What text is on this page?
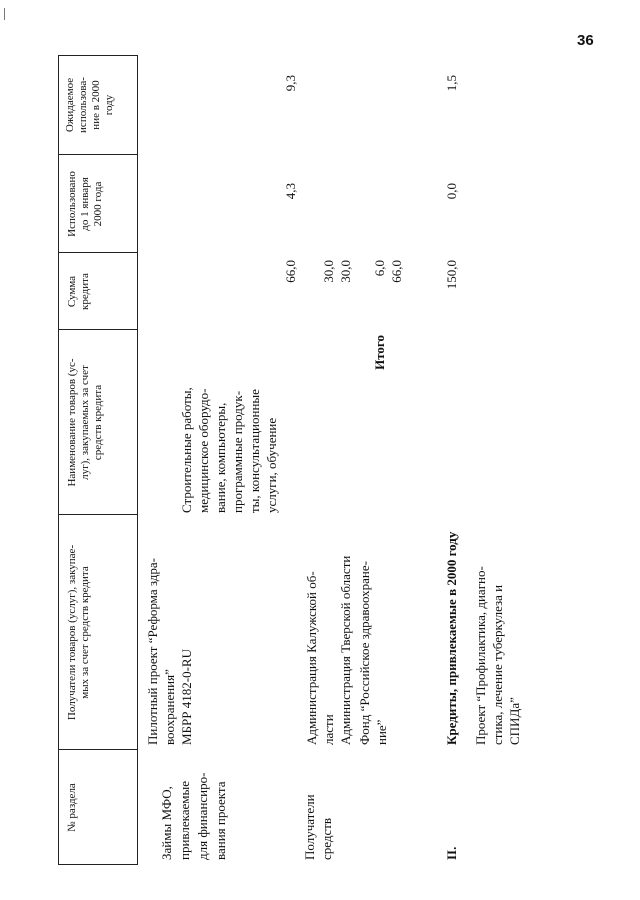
36
№ раздела
Получатели товаров (услуг), закупае-
мых за счет средств кредита
Наименование товаров (ус-
луг), закупаемых за счет
средств кредита
Сумма
кредита
Использовано
до 1 января
2000 года
Ожидаемое
использова-
ние в 2000
году
Займы МФО,
привлекаемые
для финансиро-
вания проекта
Пилотный проект “Реформа здра-
воохранения”
МБРР 4182-0-RU
Строительные работы,
медицинское оборудо-
вание, компьютеры,
программные продук-
ты, консультационные
услуги, обучение
66,0
4,3
9,3
Получатели
средств
Администрация Калужской об-
ласти Администрация Тверской области Фонд “Российское здравоохране-
ние”
30,0 30,0 6,0
Итого
66,0
II.
Кредиты, привлекаемые в 2000 году
150,0
0,0
1,5
Проект “Профилактика, диагно-
стика, лечение туберкулеза и
СПИДа”
